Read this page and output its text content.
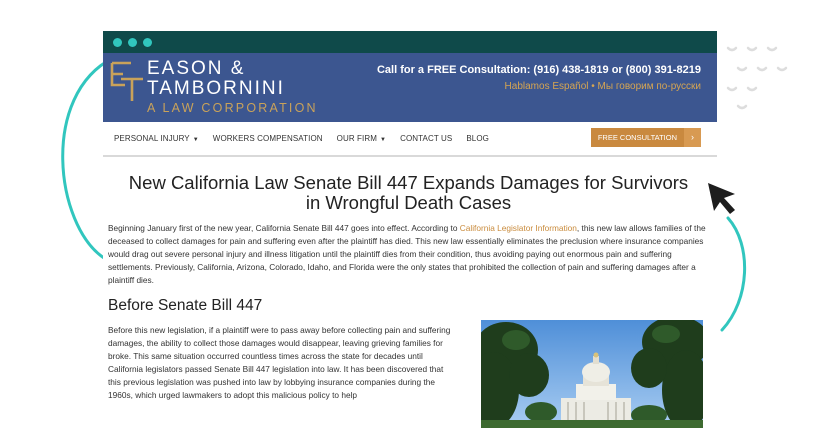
EASON &
TAMBORNINI
A LAW CORPORATION
Call for a FREE Consultation: (916) 438-1819 or (800) 391-8219
Hablamos Español • Мы говорим по-русски
PERSONAL INJURY ▼ WORKERS COMPENSATION OUR FIRM ▼ CONTACT US BLOG	FREE CONSULTATION	›
New California Law Senate Bill 447 Expands Damages for Survivors in Wrongful Death Cases

Beginning January first of the new year, California Senate Bill 447 goes into effect. According to California Legislator Information, this new law allows families of the deceased to collect damages for pain and suffering even after the plaintiff has died. This new law essentially eliminates the preclusion where insurance companies would drag out severe personal injury and illness litigation until the plaintiff dies from their condition, thus avoiding paying out enormous pain and suffering settlements. Previously, California, Arizona, Colorado, Idaho, and Florida were the only states that prohibited the collection of pain and suffering damages after a plaintiff dies.

Before Senate Bill 447
Before this new legislation, if a plaintiff were to pass away before collecting pain and suffering damages, the ability to collect those damages would disappear, leaving grieving families for broke. This same situation occurred countless times across the state for decades until California legislators passed Senate Bill 447 legislation into law. It has been discovered that this previous legislation was pushed into law by lobbying insurance companies during the 1960s, which urged lawmakers to adopt this malicious policy to help
